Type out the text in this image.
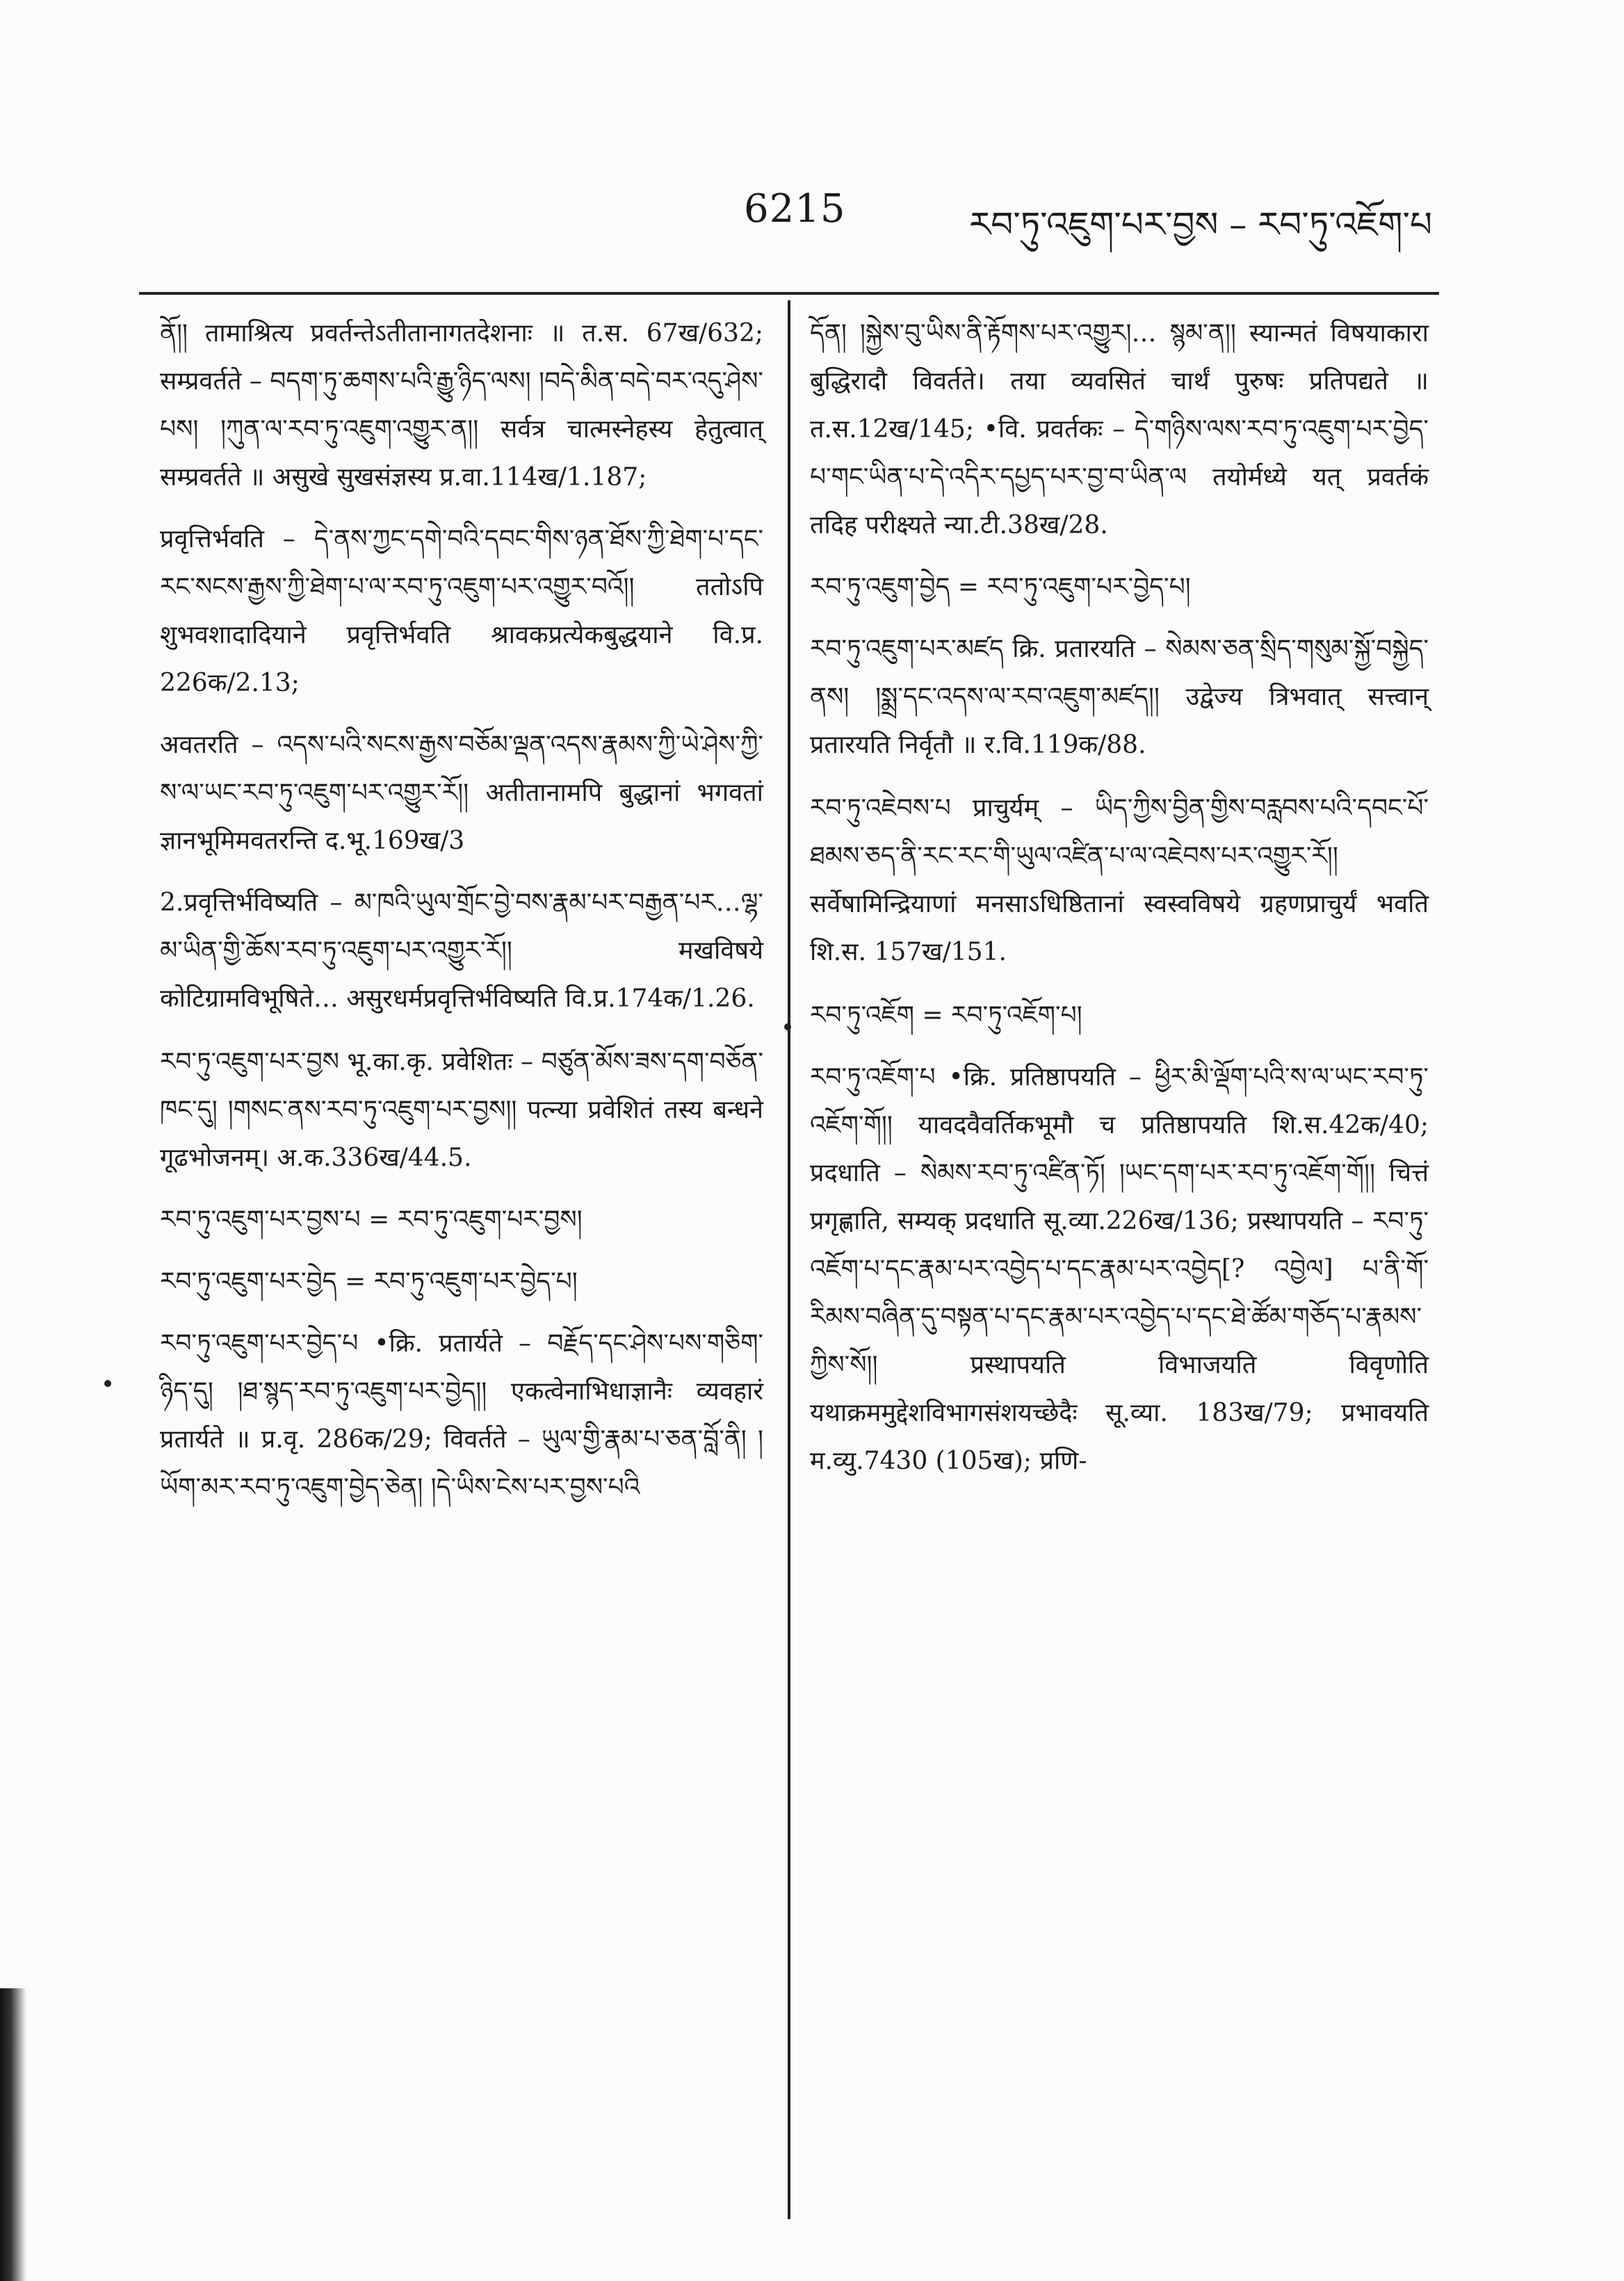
6215	རབ་ཏུ་འཇུག་པར་བྱས – རབ་ཏུ་འཇོག་པ

ནོ།། तामाश्रित्य प्रवर्तन्तेऽतीतानागतदेशनाः ॥ त.स. 67ख/632; सम्प्रवर्तते – བདག་ཏུ་ཆགས་པའི་རྒྱུ་ཉིད་ལས། །བདེ་མིན་བདེ་བར་འདུ་ཤེས་པས། །ཀུན་ལ་རབ་ཏུ་འཇུག་འགྱུར་ན།། सर्वत्र चात्मस्नेहस्य हेतुत्वात् सम्प्रवर्तते ॥ असुखे सुखसंज्ञस्य प्र.वा.114ख/1.187;

प्रवृत्तिर्भवति – དེ་ནས་ཀྱང་དགེ་བའི་དབང་གིས་ཉན་ཐོས་ཀྱི་ཐེག་པ་དང་རང་སངས་རྒྱས་ཀྱི་ཐེག་པ་ལ་རབ་ཏུ་འཇུག་པར་འགྱུར་བའོ།། ततोऽपि शुभवशादादियाने प्रवृत्तिर्भवति श्रावकप्रत्येकबुद्धयाने वि.प्र. 226क/2.13;

अवतरति – འདས་པའི་སངས་རྒྱས་བཅོམ་ལྡན་འདས་རྣམས་ཀྱི་ཡེ་ཤེས་ཀྱི་ས་ལ་ཡང་རབ་ཏུ་འཇུག་པར་འགྱུར་རོ།། अतीतानामपि बुद्धानां भगवतां ज्ञानभूमिमवतरन्ति द.भू.169ख/3

2.प्रवृत्तिर्भविष्यति – མ་ཁའི་ཡུལ་གྲོང་བྱེ་བས་རྣམ་པར་བརྒྱན་པར…ལྷ་མ་ཡིན་གྱི་ཆོས་རབ་ཏུ་འཇུག་པར་འགྱུར་རོ།། मखविषये कोटिग्रामविभूषिते… असुरधर्मप्रवृत्तिर्भविष्यति वि.प्र.174क/1.26.

རབ་ཏུ་འཇུག་པར་བྱས भू.का.कृ. प्रवेशितः – བཙུན་མོས་ཟས་དག་བཅོན་ཁང་དུ། །གསང་ནས་རབ་ཏུ་འཇུག་པར་བྱས།། पत्न्या प्रवेशितं तस्य बन्धने गूढभोजनम्। अ.क.336ख/44.5.

རབ་ཏུ་འཇུག་པར་བྱས་པ = རབ་ཏུ་འཇུག་པར་བྱས།

རབ་ཏུ་འཇུག་པར་བྱེད = རབ་ཏུ་འཇུག་པར་བྱེད་པ།

རབ་ཏུ་འཇུག་པར་བྱེད་པ •क्रि. प्रतार्यते – བརྗོད་དང་ཤེས་པས་གཅིག་ཉིད་དུ། །ཐ་སྙད་རབ་ཏུ་འཇུག་པར་བྱེད།། एकत्वेनाभिधाज्ञानैः व्यवहारं प्रतार्यते ॥ प्र.वृ. 286क/29; विवर्तते – ཡུལ་གྱི་རྣམ་པ་ཅན་བློ་ནི། །ཡོག་མར་རབ་ཏུ་འཇུག་བྱེད་ཅེན། །དེ་ཡིས་ངེས་པར་བྱས་པའི

དོན། །སྐྱེས་བུ་ཡིས་ནི་རྟོགས་པར་འགྱུར།… སྙམ་ན།། स्यान्मतं विषयाकारा बुद्धिरादौ विवर्तते। तया व्यवसितं चार्थं पुरुषः प्रतिपद्यते ॥ त.स.12ख/145; •वि. प्रवर्तकः – དེ་གཉིས་ལས་རབ་ཏུ་འཇུག་པར་བྱེད་པ་གང་ཡིན་པ་དེ་འདིར་དཔྱད་པར་བྱ་བ་ཡིན་ལ तयोर्मध्ये यत् प्रवर्तकं तदिह परीक्ष्यते न्या.टी.38ख/28.

རབ་ཏུ་འཇུག་བྱེད = རབ་ཏུ་འཇུག་པར་བྱེད་པ།

རབ་ཏུ་འཇུག་པར་མཛད क्रि. प्रतारयति – སེམས་ཅན་སྲིད་གསུམ་སྐྱོ་བསྐྱེད་ནས། །སྨྲ་དང་འདས་ལ་རབ་འཇུག་མཛད།། उद्वेज्य त्रिभवात् सत्त्वान् प्रतारयति निर्वृतौ ॥ र.वि.119क/88.

རབ་ཏུ་འཇེབས་པ प्राचुर्यम् – ཡིད་ཀྱིས་བྱིན་གྱིས་བརླབས་པའི་དབང་པོ་ཐམས་ཅད་ནི་རང་རང་གི་ཡུལ་འཛིན་པ་ལ་འཇེབས་པར་འགྱུར་རོ།། सर्वेषामिन्द्रियाणां मनसाऽधिष्ठितानां स्वस्वविषये ग्रहणप्राचुर्यं भवति शि.स. 157ख/151.

རབ་ཏུ་འཇོག = རབ་ཏུ་འཇོག་པ།

རབ་ཏུ་འཇོག་པ •क्रि. प्रतिष्ठापयति – ཕྱིར་མི་ལྡོག་པའི་ས་ལ་ཡང་རབ་ཏུ་འཇོག་གོ།། यावदवैवर्तिकभूमौ च प्रतिष्ठापयति शि.स.42क/40; प्रदधाति – སེམས་རབ་ཏུ་འཛིན་ཏོ། །ཡང་དག་པར་རབ་ཏུ་འཇོག་གོ།། चित्तं प्रगृह्णाति, सम्यक् प्रदधाति सू.व्या.226ख/136; प्रस्थापयति – རབ་ཏུ་འཇོག་པ་དང་རྣམ་པར་འབྱེད་པ་དང་རྣམ་པར་འབྱེད[? འབྱེལ] པ་ནི་གོ་རིམས་བཞིན་དུ་བསྟན་པ་དང་རྣམ་པར་འབྱེད་པ་དང་ཐེ་ཚོམ་གཅོད་པ་རྣམས་ཀྱིས་སོ།། प्रस्थापयति विभाजयति विवृणोति यथाक्रममुद्देशविभागसंशयच्छेदैः सू.व्या. 183ख/79; प्रभावयति म.व्यु.7430 (105ख); प्रणि-
